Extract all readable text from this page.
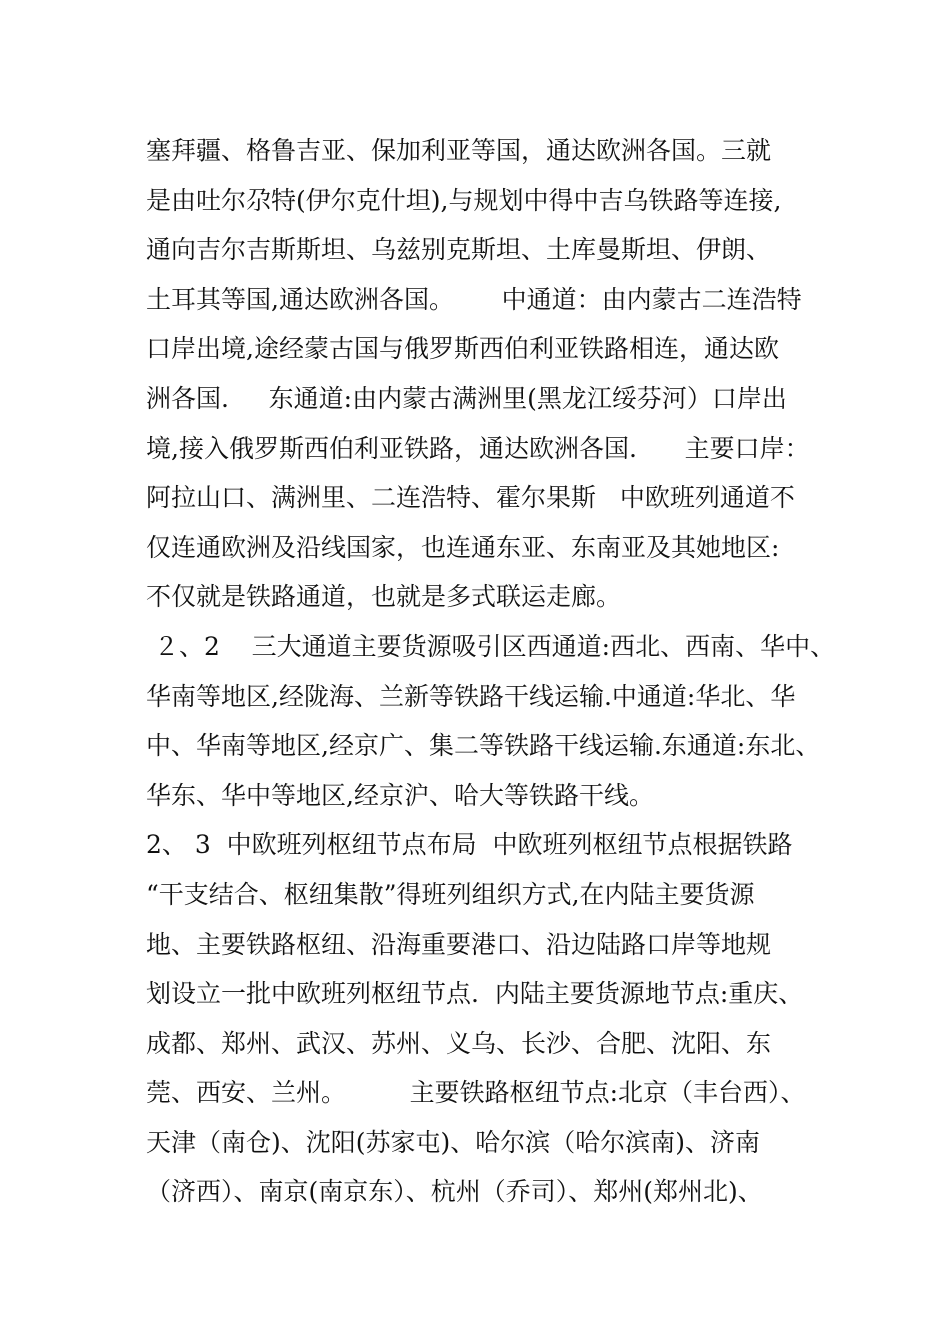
塞拜疆、格鲁吉亚、保加利亚等国，通达欧洲各国。三就
是由吐尔尕特(伊尔克什坦),与规划中得中吉乌铁路等连接,
通向吉尔吉斯斯坦、乌兹别克斯坦、土库曼斯坦、伊朗、
土耳其等国,通达欧洲各国。      中通道：由内蒙古二连浩特
口岸出境,途经蒙古国与俄罗斯西伯利亚铁路相连，通达欧
洲各国.     东通道:由内蒙古满洲里(黑龙江绥芬河）口岸出
境,接入俄罗斯西伯利亚铁路，通达欧洲各国.      主要口岸：
阿拉山口、满洲里、二连浩特、霍尔果斯   中欧班列通道不
仅连通欧洲及沿线国家，也连通东亚、东南亚及其她地区:
不仅就是铁路通道，也就是多式联运走廊。
２、2    三大通道主要货源吸引区西通道:西北、西南、华中、
华南等地区,经陇海、兰新等铁路干线运输.中通道:华北、华
中、华南等地区,经京广、集二等铁路干线运输.东通道:东北、
华东、华中等地区,经京沪、哈大等铁路干线。
2、 3  中欧班列枢纽节点布局  中欧班列枢纽节点根据铁路
“干支结合、枢纽集散”得班列组织方式,在内陆主要货源
地、主要铁路枢纽、沿海重要港口、沿边陆路口岸等地规
划设立一批中欧班列枢纽节点.  内陆主要货源地节点:重庆、
成都、郑州、武汉、苏州、义乌、长沙、合肥、沈阳、东
莞、西安、兰州。        主要铁路枢纽节点:北京（丰台西）、
天津（南仓)、沈阳(苏家屯)、哈尔滨（哈尔滨南)、济南
（济西）、南京(南京东）、杭州（乔司）、郑州(郑州北)、
